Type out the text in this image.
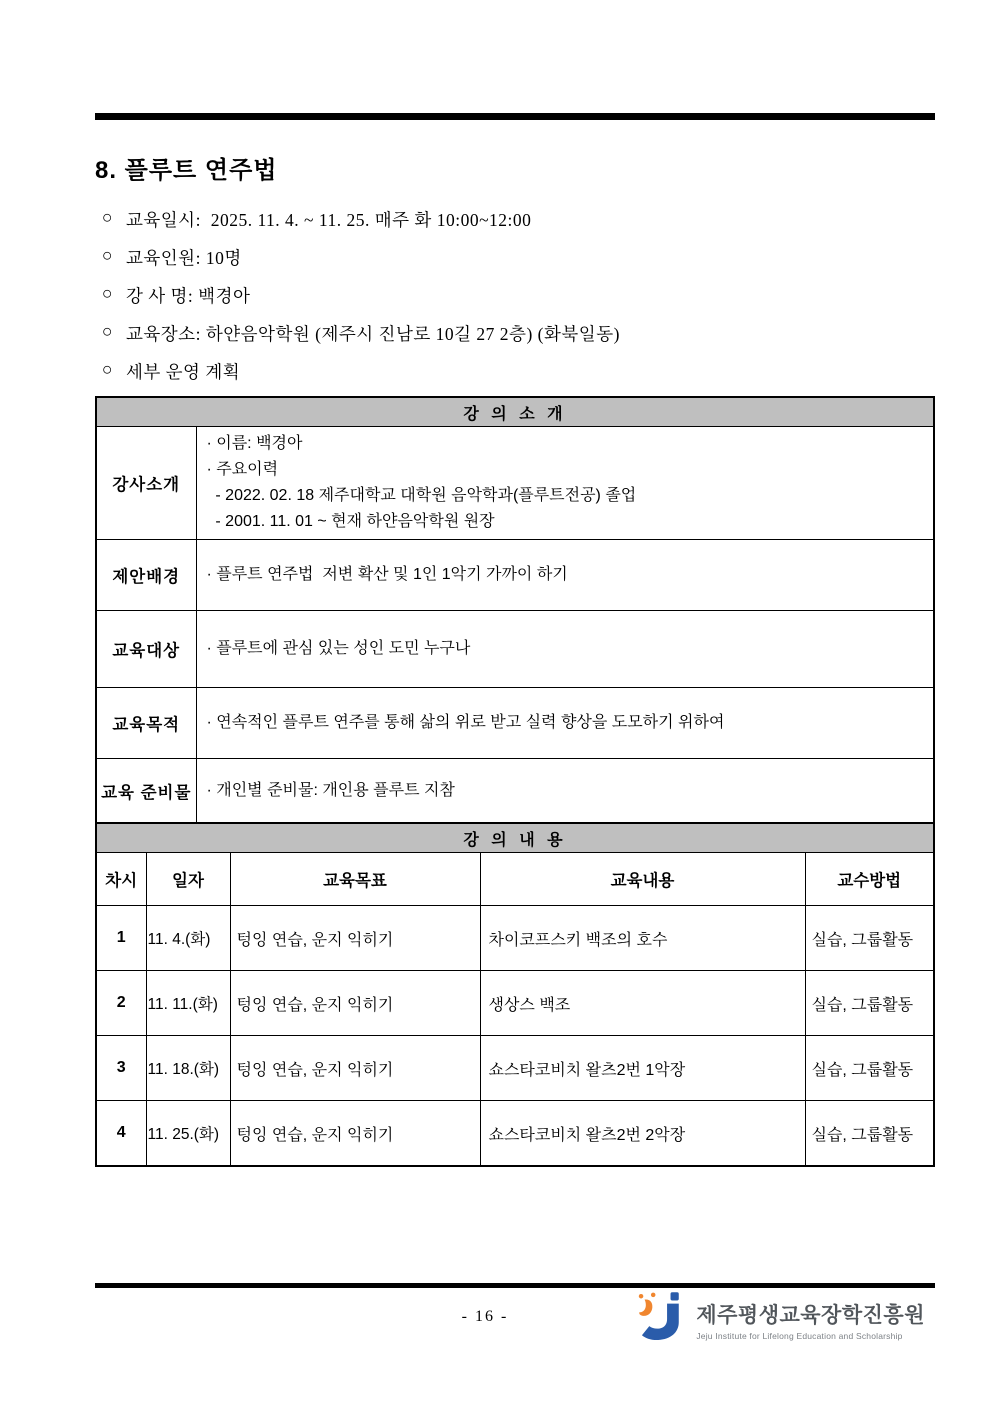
8. 플루트 연주법
○ 교육일시:  2025. 11. 4. ~ 11. 25. 매주 화 10:00~12:00
○ 교육인원: 10명
○ 강 사 명: 백경아
○ 교육장소: 하얀음악학원 (제주시 진남로 10길 27 2층) (화북일동)
○ 세부 운영 계획
강 의 소 개	
강사소개	· 이름: 백경아
· 주요이력
- 2022. 02. 18 제주대학교 대학원 음악학과(플루트전공) 졸업
- 2001. 11. 01 ~ 현재 하얀음악학원 원장

제안배경	· 플루트 연주법  저변 확산 및 1인 1악기 가까이 하기

교육대상	· 플루트에 관심 있는 성인 도민 누구나

교육목적	· 연속적인 플루트 연주를 통해 삶의 위로 받고 실력 향상을 도모하기 위하여

교육 준비물	· 개인별 준비물: 개인용 플루트 지참
강 의 내 용				
차시	일자	교육목표	교육내용	교수방법
1	11. 4.(화)	텅잉 연습, 운지 익히기	차이코프스키 백조의 호수	실습, 그룹활동
2	11. 11.(화)	텅잉 연습, 운지 익히기	생상스 백조	실습, 그룹활동
3	11. 18.(화)	텅잉 연습, 운지 익히기	쇼스타코비치 왈츠2번 1악장	실습, 그룹활동
4	11. 25.(화)	텅잉 연습, 운지 익히기	쇼스타코비치 왈츠2번 2악장	실습, 그룹활동
- 16 -	제주평생교육장학진흥원
Jeju Institute for Lifelong Education and Scholarship
